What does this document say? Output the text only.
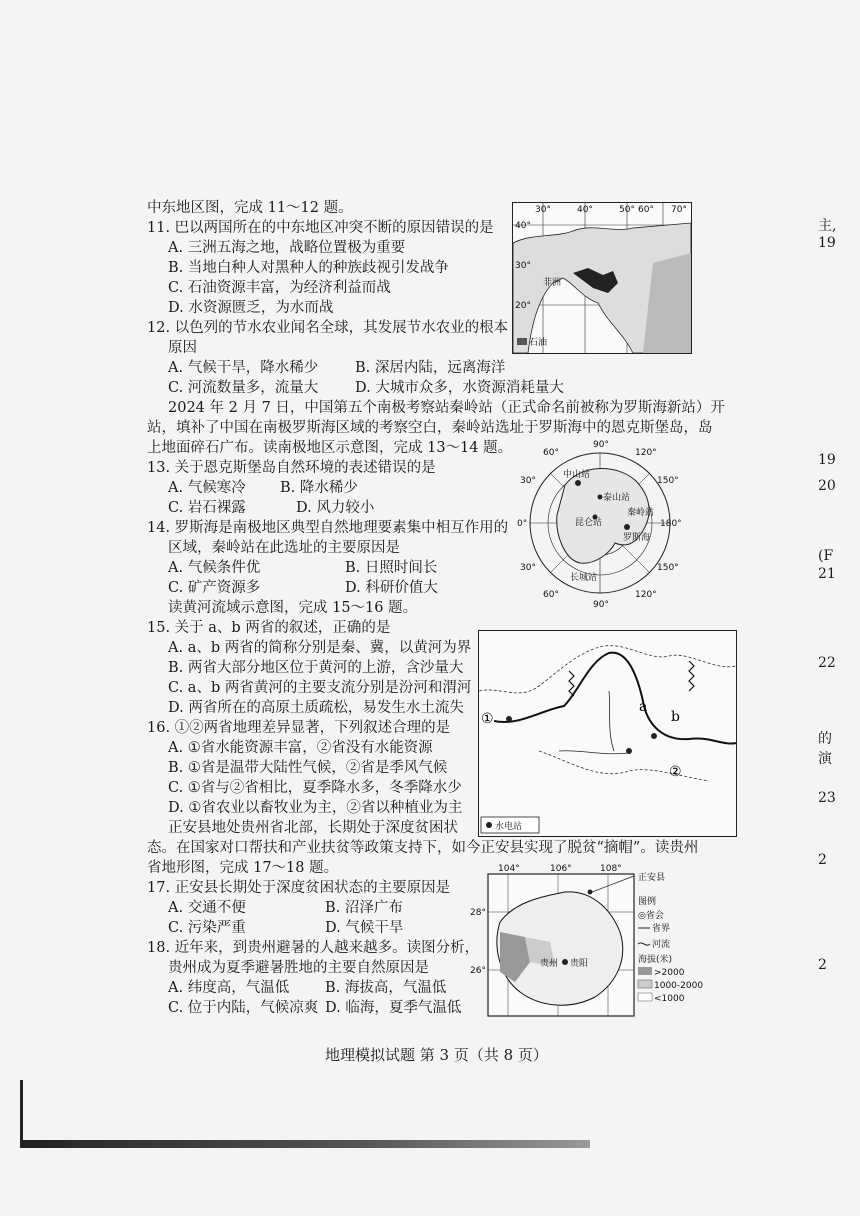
中东地区图，完成 11～12 题。
11. 巴以两国所在的中东地区冲突不断的原因错误的是
A. 三洲五海之地，战略位置极为重要
B. 当地白种人对黑种人的种族歧视引发战争
C. 石油资源丰富，为经济利益而战
D. 水资源匮乏，为水而战
12. 以色列的节水农业闻名全球，其发展节水农业的根本
原因
A. 气候干旱，降水稀少	B. 深居内陆，远离海洋
C. 河流数量多，流量大	D. 大城市众多，水资源消耗量大
30°	40°	50° 60° 70°
40°
30°
20°
非洲
石油
2024 年 2 月 7 日，中国第五个南极考察站秦岭站（正式命名前被称为罗斯海新站）开
站，填补了中国在南极罗斯海区域的考察空白，秦岭站选址于罗斯海中的恩克斯堡岛，岛
上地面碎石广布。读南极地区示意图，完成 13～14 题。
13. 关于恩克斯堡岛自然环境的表述错误的是
A. 气候寒冷 B. 降水稀少
C. 岩石裸露	D. 风力较小
14. 罗斯海是南极地区典型自然地理要素集中相互作用的
区域，秦岭站在此选址的主要原因是
A. 气候条件优	B. 日照时间长
C. 矿产资源多	D. 科研价值大
90°
90°
180°
0°
120°
150°
150°
120°
30°
30°
60°
60°
中山站
泰山站
昆仑站
秦岭站
罗斯海
长城站
读黄河流域示意图，完成 15～16 题。
15. 关于 a、b 两省的叙述，正确的是
A. a、b 两省的简称分别是秦、冀，以黄河为界
B. 两省大部分地区位于黄河的上游，含沙量大
C. a、b 两省黄河的主要支流分别是汾河和渭河
D. 两省所在的高原土质疏松，易发生水土流失
16. ①②两省地理差异显著，下列叙述合理的是
A. ①省水能资源丰富，②省没有水能资源
B. ①省是温带大陆性气候，②省是季风气候
C. ①省与②省相比，夏季降水多，冬季降水少
D. ①省农业以畜牧业为主，②省以种植业为主
a
b
①
②
水电站
正安县地处贵州省北部，长期处于深度贫困状
态。在国家对口帮扶和产业扶贫等政策支持下，如今正安县实现了脱贫“摘帽”。读贵州
省地形图，完成 17～18 题。
17. 正安县长期处于深度贫困状态的主要原因是
A. 交通不便	B. 沼泽广布
C. 污染严重	D. 气候干旱
18. 近年来，到贵州避暑的人越来越多。读图分析，
贵州成为夏季避暑胜地的主要自然原因是
A. 纬度高，气温低 B. 海拔高，气温低
C. 位于内陆，气候凉爽 D. 临海，夏季气温低
104°	106°	108°
28°
26°
贵州 贵阳
正安县
图例
◎省会
省界
河流
海拔(米)
>2000
1000-2000
<1000
地理模拟试题 第 3 页（共 8 页）
主,
19
19
20
(F
21
22
的
演
23
2
2
